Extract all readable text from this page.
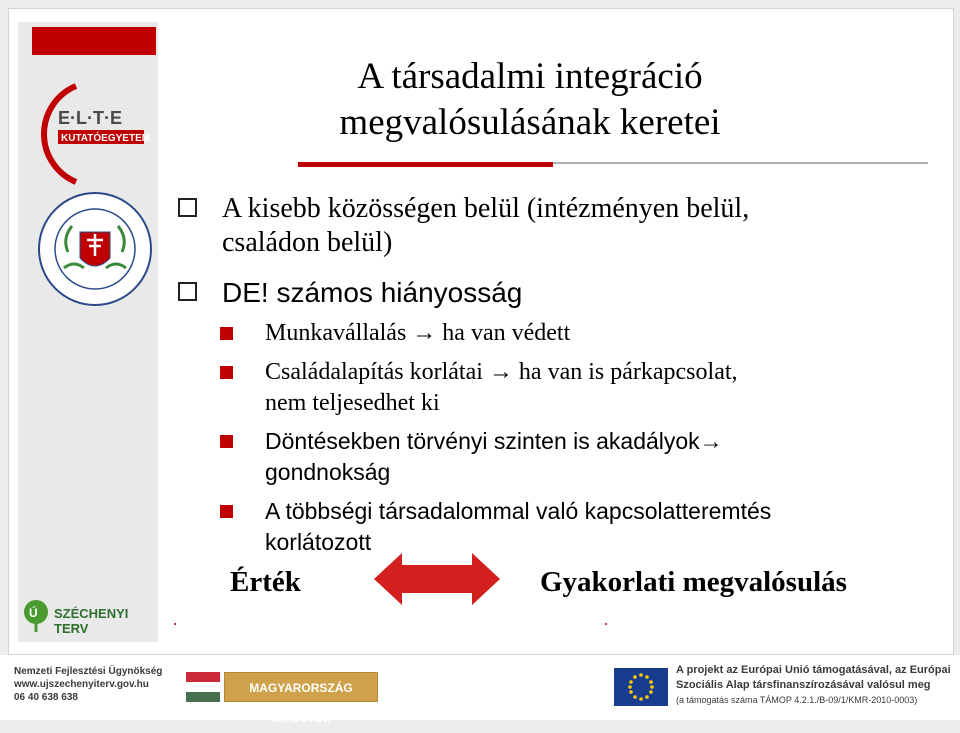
E·L·T·E
KUTATÓEGYETEM
Ú SZÉCHENYI TERV
A társadalmi integráció
megvalósulásának keretei
A kisebb közösségen belül (intézményen belül,
családon belül)
DE! számos hiányosság
Munkavállalás → ha van védett
Családalapítás korlátai → ha van is párkapcsolat,
nem teljesedhet ki
Döntésekben törvényi szinten is akadályok→
gondnokság
A többségi társadalommal való kapcsolatteremtés
korlátozott
Érték	Gyakorlati megvalósulás
Nemzeti Fejlesztési Ügynökség
www.ujszechenyiterv.gov.hu
06 40 638 638
MAGYARORSZÁG MEGÚJUL
A projekt az Európai Unió támogatásával, az Európai
Szociális Alap társfinanszírozásával valósul meg
(a támogatás száma TÁMOP 4.2.1./B-09/1/KMR-2010-0003)
